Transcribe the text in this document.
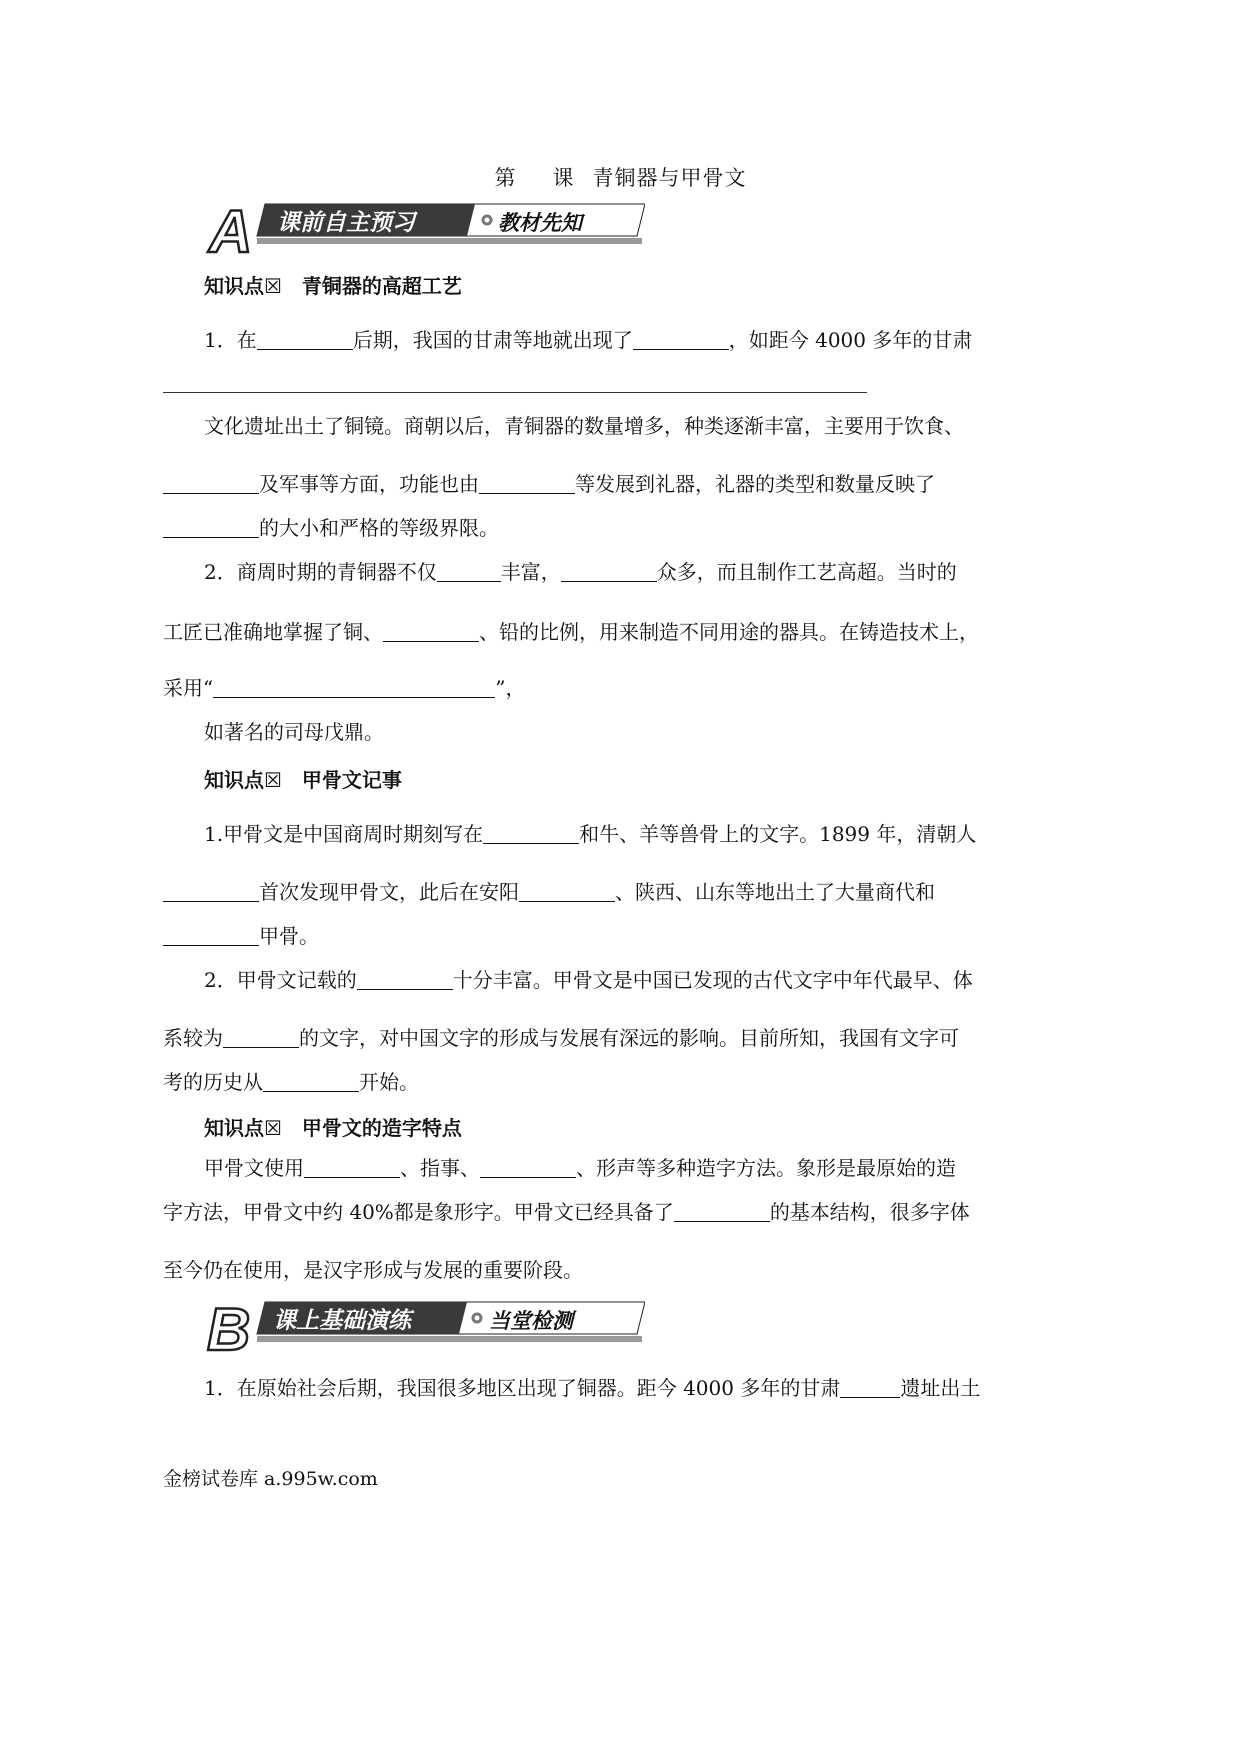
第 课 青铜器与甲骨文
A 课前自主预习	教材先知
知识点☒　青铜器的高超工艺
1．在	后期，我国的甘肃等地就出现了	，如距今 4000 多年的甘肃
文化遗址出土了铜镜。商朝以后，青铜器的数量增多，种类逐渐丰富，主要用于饮食、
及军事等方面，功能也由	等发展到礼器，礼器的类型和数量反映了
的大小和严格的等级界限。
2．商周时期的青铜器不仅	丰富，	众多，而且制作工艺高超。当时的
工匠已准确地掌握了铜、	、铅的比例，用来制造不同用途的器具。在铸造技术上，
采用“	”，
如著名的司母戊鼎。
知识点☒　甲骨文记事
1.甲骨文是中国商周时期刻写在	和牛、羊等兽骨上的文字。1899 年，清朝人
首次发现甲骨文，此后在安阳	、陕西、山东等地出土了大量商代和
甲骨。
2．甲骨文记载的	十分丰富。甲骨文是中国已发现的古代文字中年代最早、体
系较为	的文字，对中国文字的形成与发展有深远的影响。目前所知，我国有文字可
考的历史从	开始。
知识点☒　甲骨文的造字特点
甲骨文使用	、指事、	、形声等多种造字方法。象形是最原始的造
字方法，甲骨文中约 40%都是象形字。甲骨文已经具备了	的基本结构，很多字体
至今仍在使用，是汉字形成与发展的重要阶段。
B 课上基础演练	当堂检测
1．在原始社会后期，我国很多地区出现了铜器。距今 4000 多年的甘肃	遗址出土
金榜试卷库 a.995w.com
